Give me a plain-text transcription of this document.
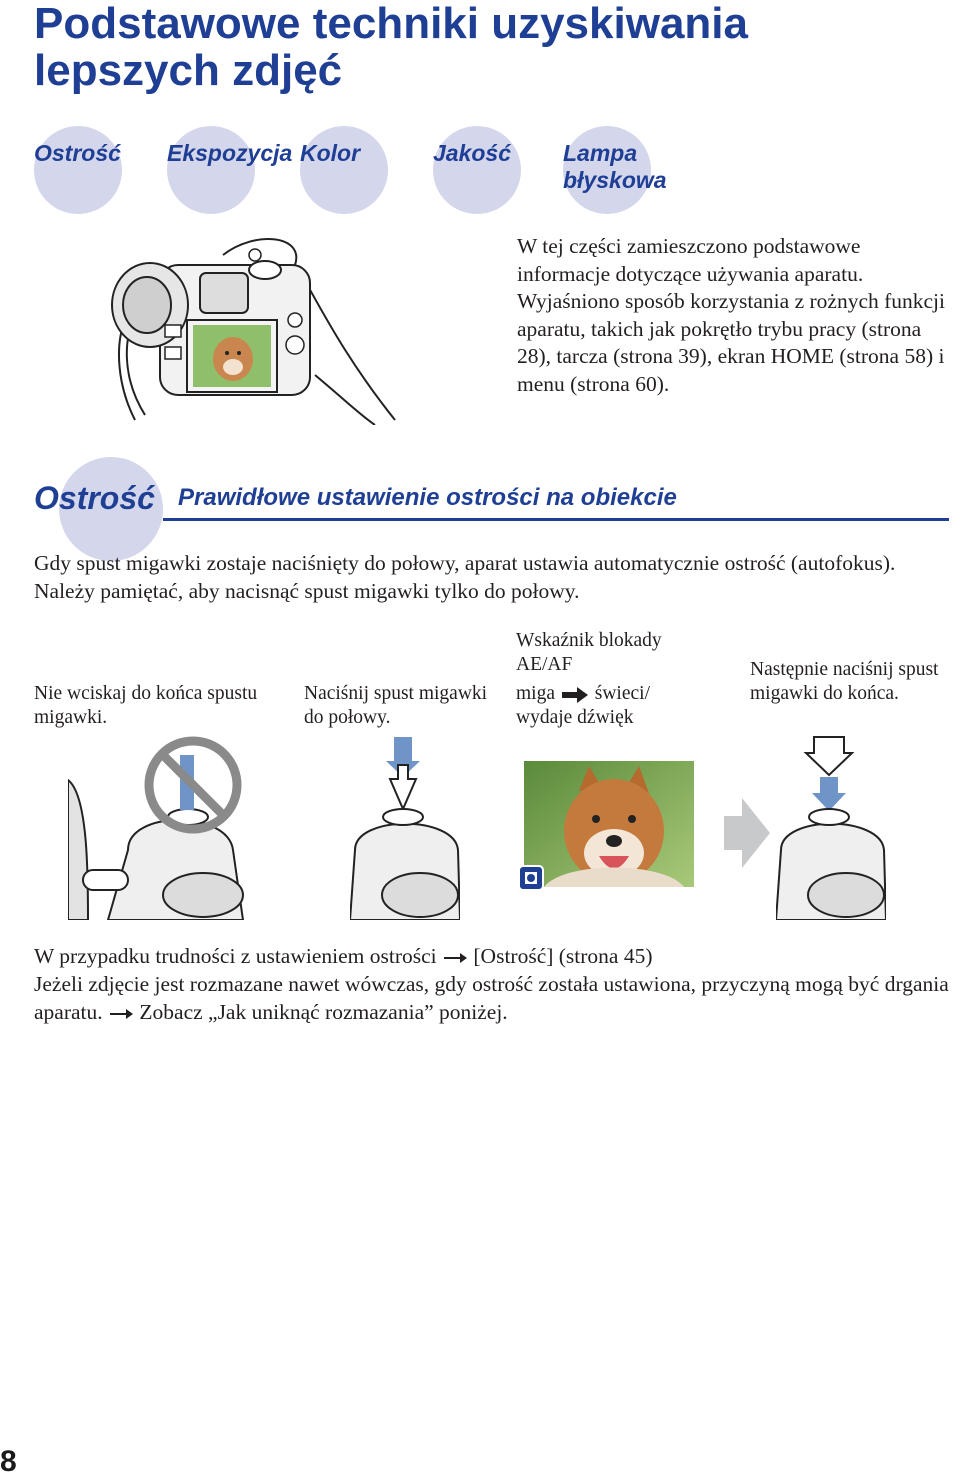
Podstawowe techniki uzyskiwania lepszych zdjęć
Ostrość Ekspozycja Kolor	Jakość Lampa błyskowa
W tej części zamieszczono podstawowe informacje dotyczące używania aparatu. Wyjaśniono sposób korzystania z rożnych funkcji aparatu, takich jak pokrętło trybu pracy (strona 28), tarcza (strona 39), ekran HOME (strona 58) i menu (strona 60).
Ostrość Prawidłowe ustawienie ostrości na obiekcie
Gdy spust migawki zostaje naciśnięty do połowy, aparat ustawia automatycznie ostrość (autofokus). Należy pamiętać, aby nacisnąć spust migawki tylko do połowy.
Nie wciskaj do końca spustu migawki.
Naciśnij spust migawki do połowy.
Wskaźnik blokady AE/AF
miga świeci/
wydaje dźwięk
Następnie naciśnij spust migawki do końca.
W przypadku trudności z ustawieniem ostrości [Ostrość] (strona 45)
Jeżeli zdjęcie jest rozmazane nawet wówczas, gdy ostrość została ustawiona, przyczyną mogą być drgania aparatu. Zobacz „Jak uniknąć rozmazania” poniżej.
8
